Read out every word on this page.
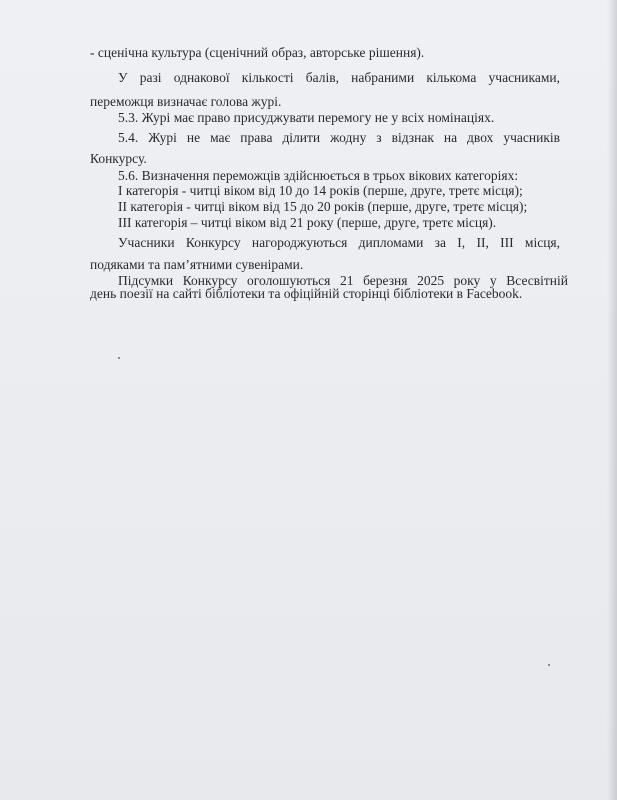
- сценічна культура (сценічний образ, авторське рішення).

У разі однакової кількості балів, набраними кількома учасниками,

переможця визначає голова журі.

5.3. Журі має право присуджувати перемогу не у всіх номінаціях.

5.4. Журі не має права ділити жодну з відзнак на двох учасників

Конкурсу.

5.6. Визначення переможців здійснюється в трьох вікових категоріях:

І категорія - читці віком від 10 до 14 років (перше, друге, третє місця);

ІІ категорія - читці віком від 15 до 20 років (перше, друге, третє місця);

ІІІ категорія – читці віком від 21 року (перше, друге, третє місця).

Учасники Конкурсу нагороджуються дипломами за І, ІІ, ІІІ місця,

подяками та пам’ятними сувенірами.

Підсумки Конкурсу оголошуються 21 березня 2025 року у Всесвітній

день поезії на сайті бібліотеки та офіційній сторінці бібліотеки в Facebook.
